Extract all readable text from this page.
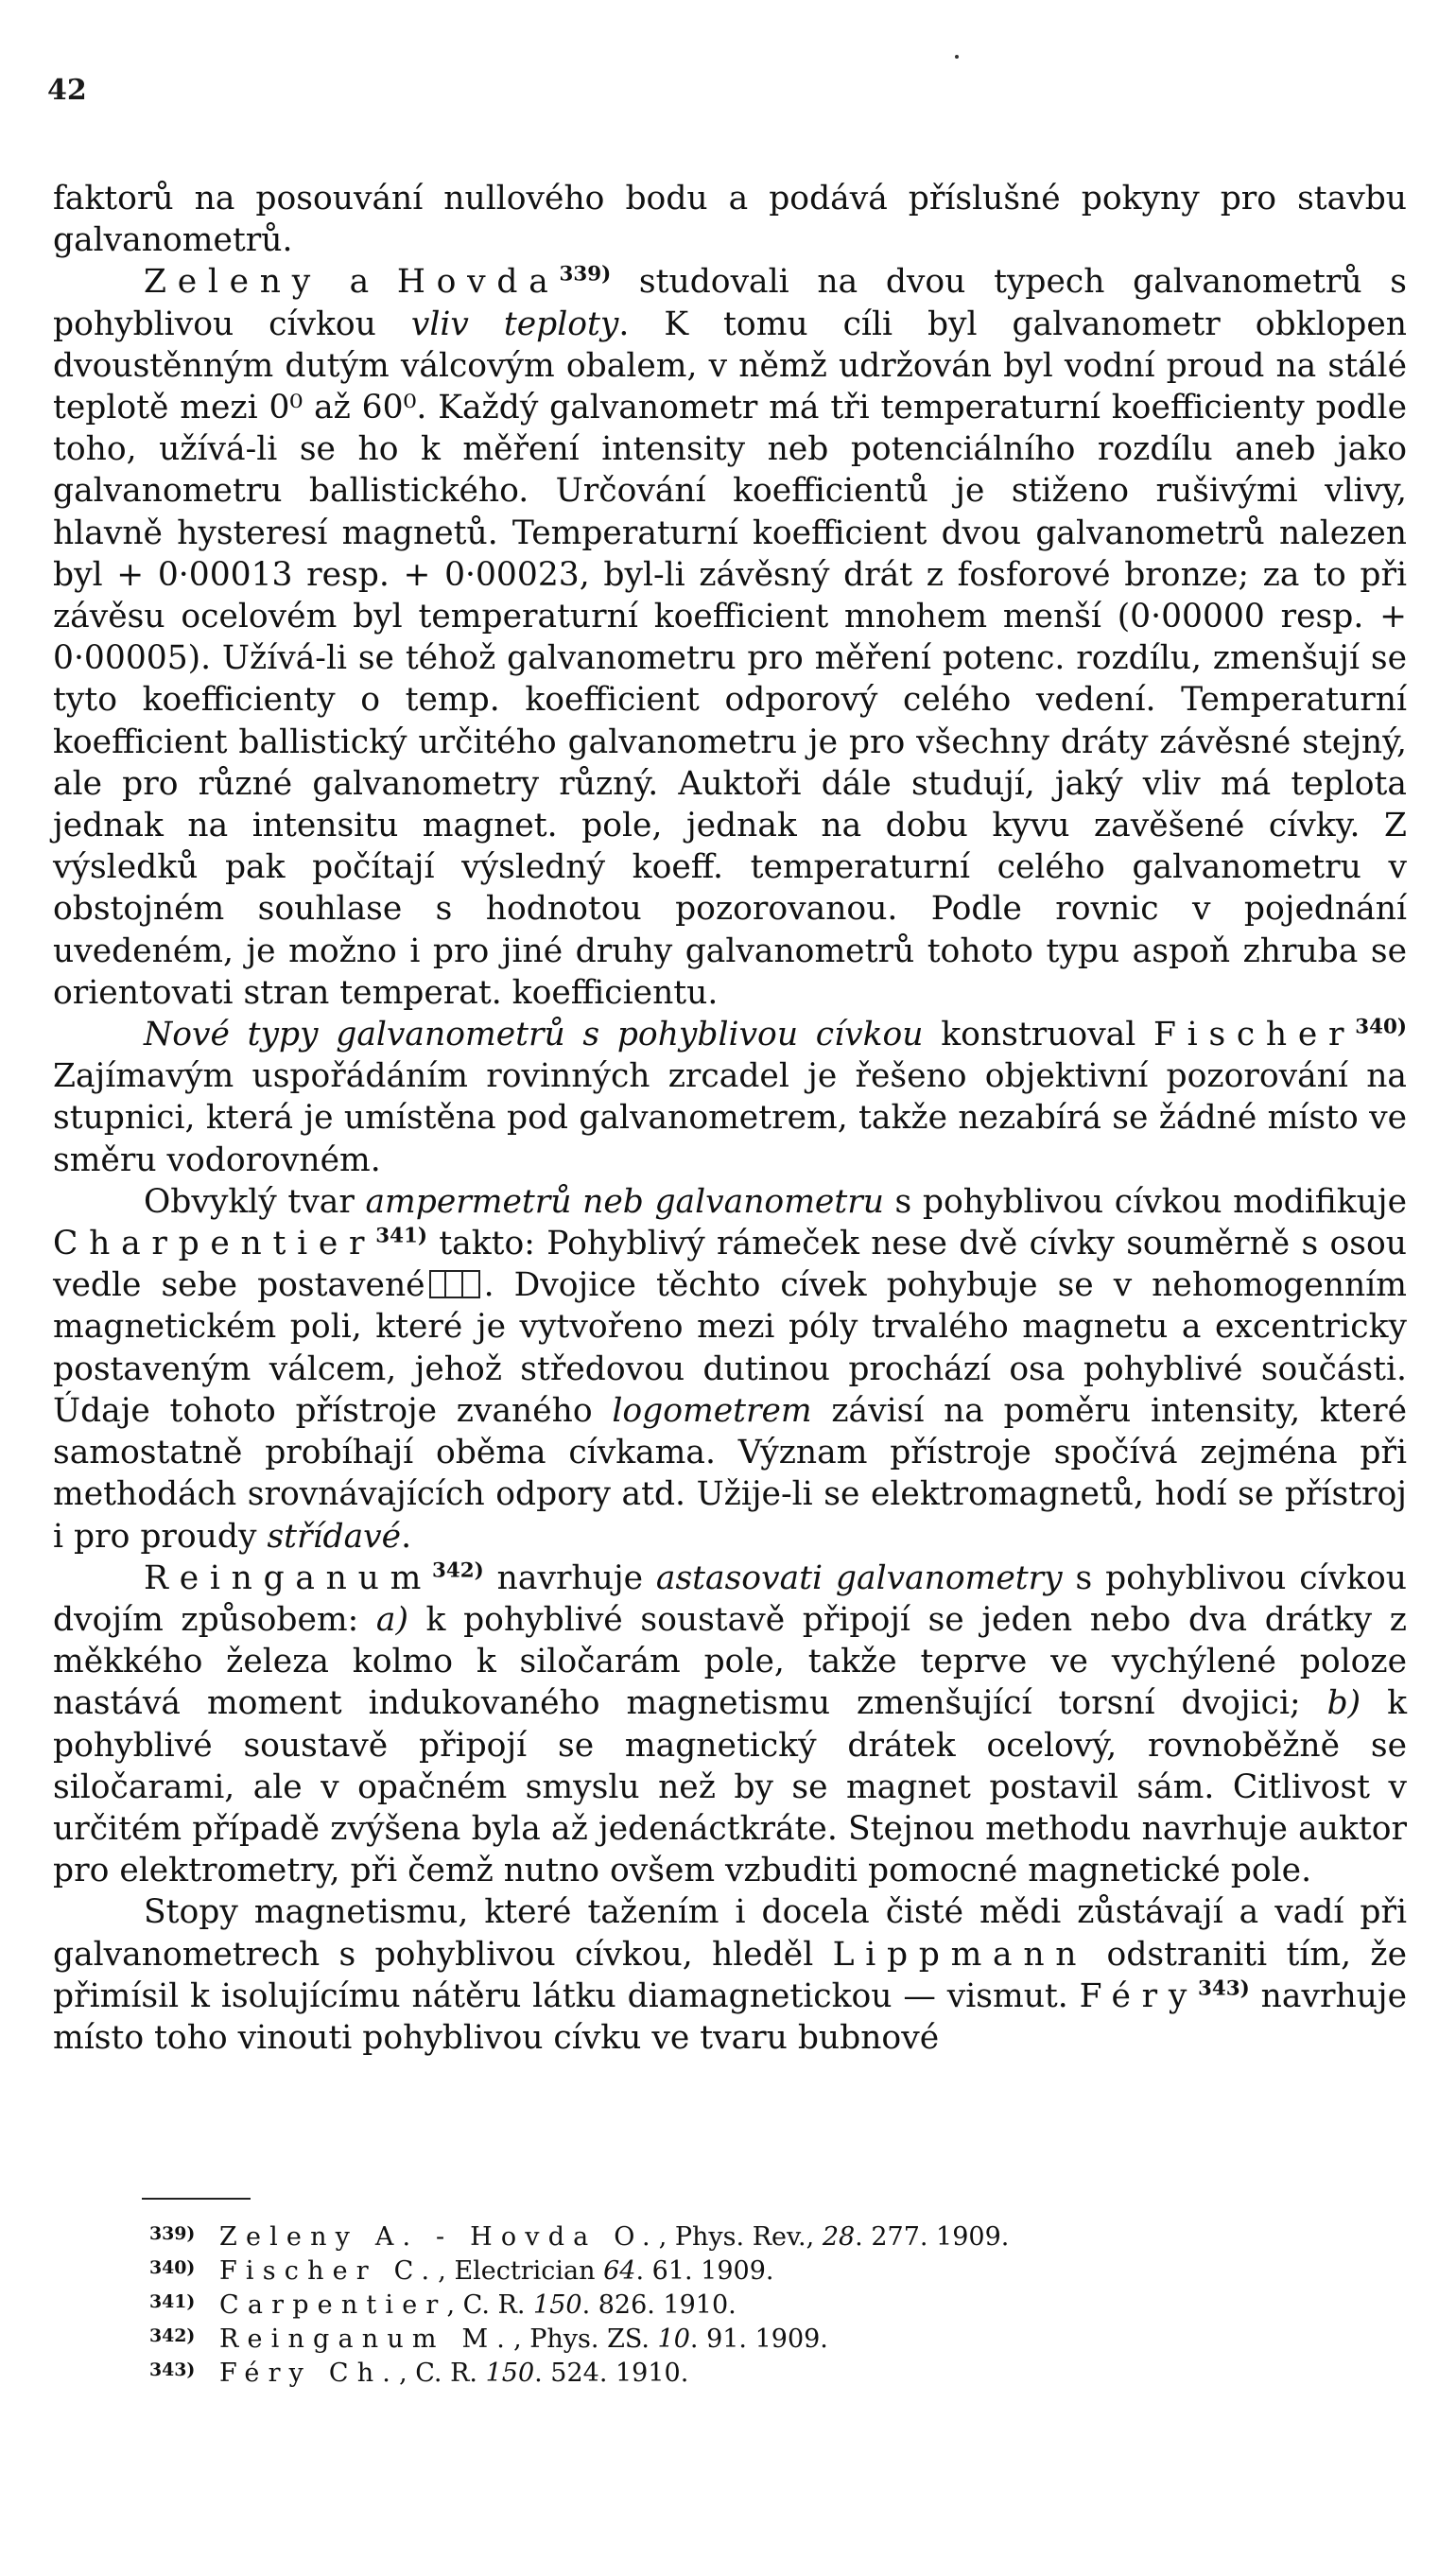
42

faktorů na posouvání nullového bodu a podává příslušné pokyny pro stavbu galvanometrů.

Zeleny a Hovda$^{339)}$ studovali na dvou typech galvanometrů s pohyblivou cívkou vliv teploty. K tomu cíli byl galvanometr obklopen dvoustěnným dutým válcovým obalem, v němž udržován byl vodní proud na stálé teplotě mezi 0⁰ až 60⁰. Každý galvanometr má tři temperaturní koefficienty podle toho, užívá-li se ho k měření intensity neb potenciálního rozdílu aneb jako galvanometru ballistického. Určování koefficientů je stiženo rušivými vlivy, hlavně hysteresí magnetů. Temperaturní koefficient dvou galvanometrů nalezen byl + 0·00013 resp. + 0·00023, byl-li závěsný drát z fosforové bronze; za to při závěsu ocelovém byl temperaturní koefficient mnohem menší (0·00000 resp. + 0·00005). Užívá-li se téhož galvanometru pro měření potenc. rozdílu, zmenšují se tyto koefficienty o temp. koefficient odporový celého vedení. Temperaturní koefficient ballistický určitého galvanometru je pro všechny dráty závěsné stejný, ale pro různé galvanometry různý. Auktoři dále studují, jaký vliv má teplota jednak na intensitu magnet. pole, jednak na dobu kyvu zavěšené cívky. Z výsledků pak počítají výsledný koeff. temperaturní celého galvanometru v obstojném souhlase s hodnotou pozorovanou. Podle rovnic v pojednání uvedeném, je možno i pro jiné druhy galvanometrů tohoto typu aspoň zhruba se orientovati stran temperat. koefficientu.

Nové typy galvanometrů s pohyblivou cívkou konstruoval Fischer$^{340)}$ Zajímavým uspořádáním rovinných zrcadel je řešeno objektivní pozorování na stupnici, která je umístěna pod galvanometrem, takže nezabírá se žádné místo ve směru vodorovném.

Obvyklý tvar ampermetrů neb galvanometru s pohyblivou cívkou modifikuje Charpentier$^{341)}$ takto: Pohyblivý rámeček nese dvě cívky souměrně s osou vedle sebe postavené . Dvojice těchto cívek pohybuje se v nehomogenním magnetickém poli, které je vytvořeno mezi póly trvalého magnetu a excentricky postaveným válcem, jehož středovou dutinou prochází osa pohyblivé součásti. Údaje tohoto přístroje zvaného logometrem závisí na poměru intensity, které samostatně probíhají oběma cívkama. Význam přístroje spočívá zejména při methodách srovnávajících odpory atd. Užije-li se elektromagnetů, hodí se přístroj i pro proudy střídavé.

Reinganum$^{342)}$ navrhuje astasovati galvanometry s pohyblivou cívkou dvojím způsobem: a) k pohyblivé soustavě připojí se jeden nebo dva drátky z měkkého železa kolmo k siločarám pole, takže teprve ve vychýlené poloze nastává moment indukovaného magnetismu zmenšující torsní dvojici; b) k pohyblivé soustavě připojí se magnetický drátek ocelový, rovnoběžně se siločarami, ale v opačném smyslu než by se magnet postavil sám. Citlivost v určitém případě zvýšena byla až jedenáctkráte. Stejnou methodu navrhuje auktor pro elektrometry, při čemž nutno ovšem vzbuditi pomocné magnetické pole.

Stopy magnetismu, které tažením i docela čisté mědi zůstávají a vadí při galvanometrech s pohyblivou cívkou, hleděl Lippmann odstraniti tím, že přimísil k isolujícímu nátěru látku diamagnetickou — vismut. Féry$^{343)}$ navrhuje místo toho vinouti pohyblivou cívku ve tvaru bubnové

339) Zeleny A. - Hovda O., Phys. Rev., 28. 277. 1909.
340) Fischer C., Electrician 64. 61. 1909.
341) Carpentier, C. R. 150. 826. 1910.
342) Reinganum M., Phys. ZS. 10. 91. 1909.
343) Féry Ch., C. R. 150. 524. 1910.
